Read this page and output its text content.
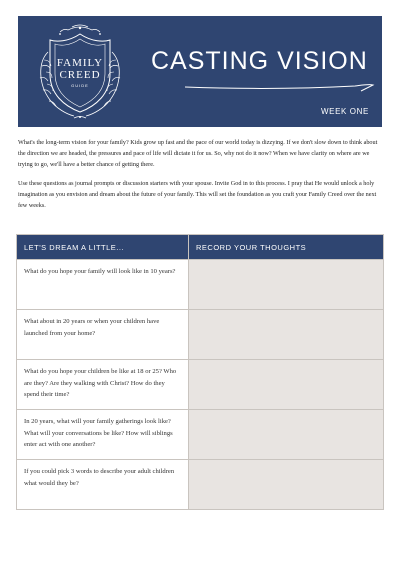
FAMILY
CREED
GUIDE
CASTING VISION
WEEK ONE

What's the long-term vision for your family? Kids grow up fast and the pace of our world today is dizzying. If we don't slow down to think about the direction we are headed, the pressures and pace of life will dictate it for us. So, why not do it now? When we have clarity on where are we trying to go, we'll have a better chance of getting there.

Use these questions as journal prompts or discussion starters with your spouse. Invite God in to this process. I pray that He would unlock a holy imagination as you envision and dream about the future of your family. This will set the foundation as you craft your Family Creed over the next few weeks.

LET'S DREAM A LITTLE...	RECORD YOUR THOUGHTS
What do you hope your family will look like in 10 years?	
What about in 20 years or when your children have launched from your home?	
What do you hope your children be like at 18 or 25? Who are they? Are they walking with Christ? How do they spend their time?	
In 20 years, what will your family gatherings look like? What will your conversations be like? How will siblings enter act with one another?	
If you could pick 3 words to describe your adult children what would they be?	
